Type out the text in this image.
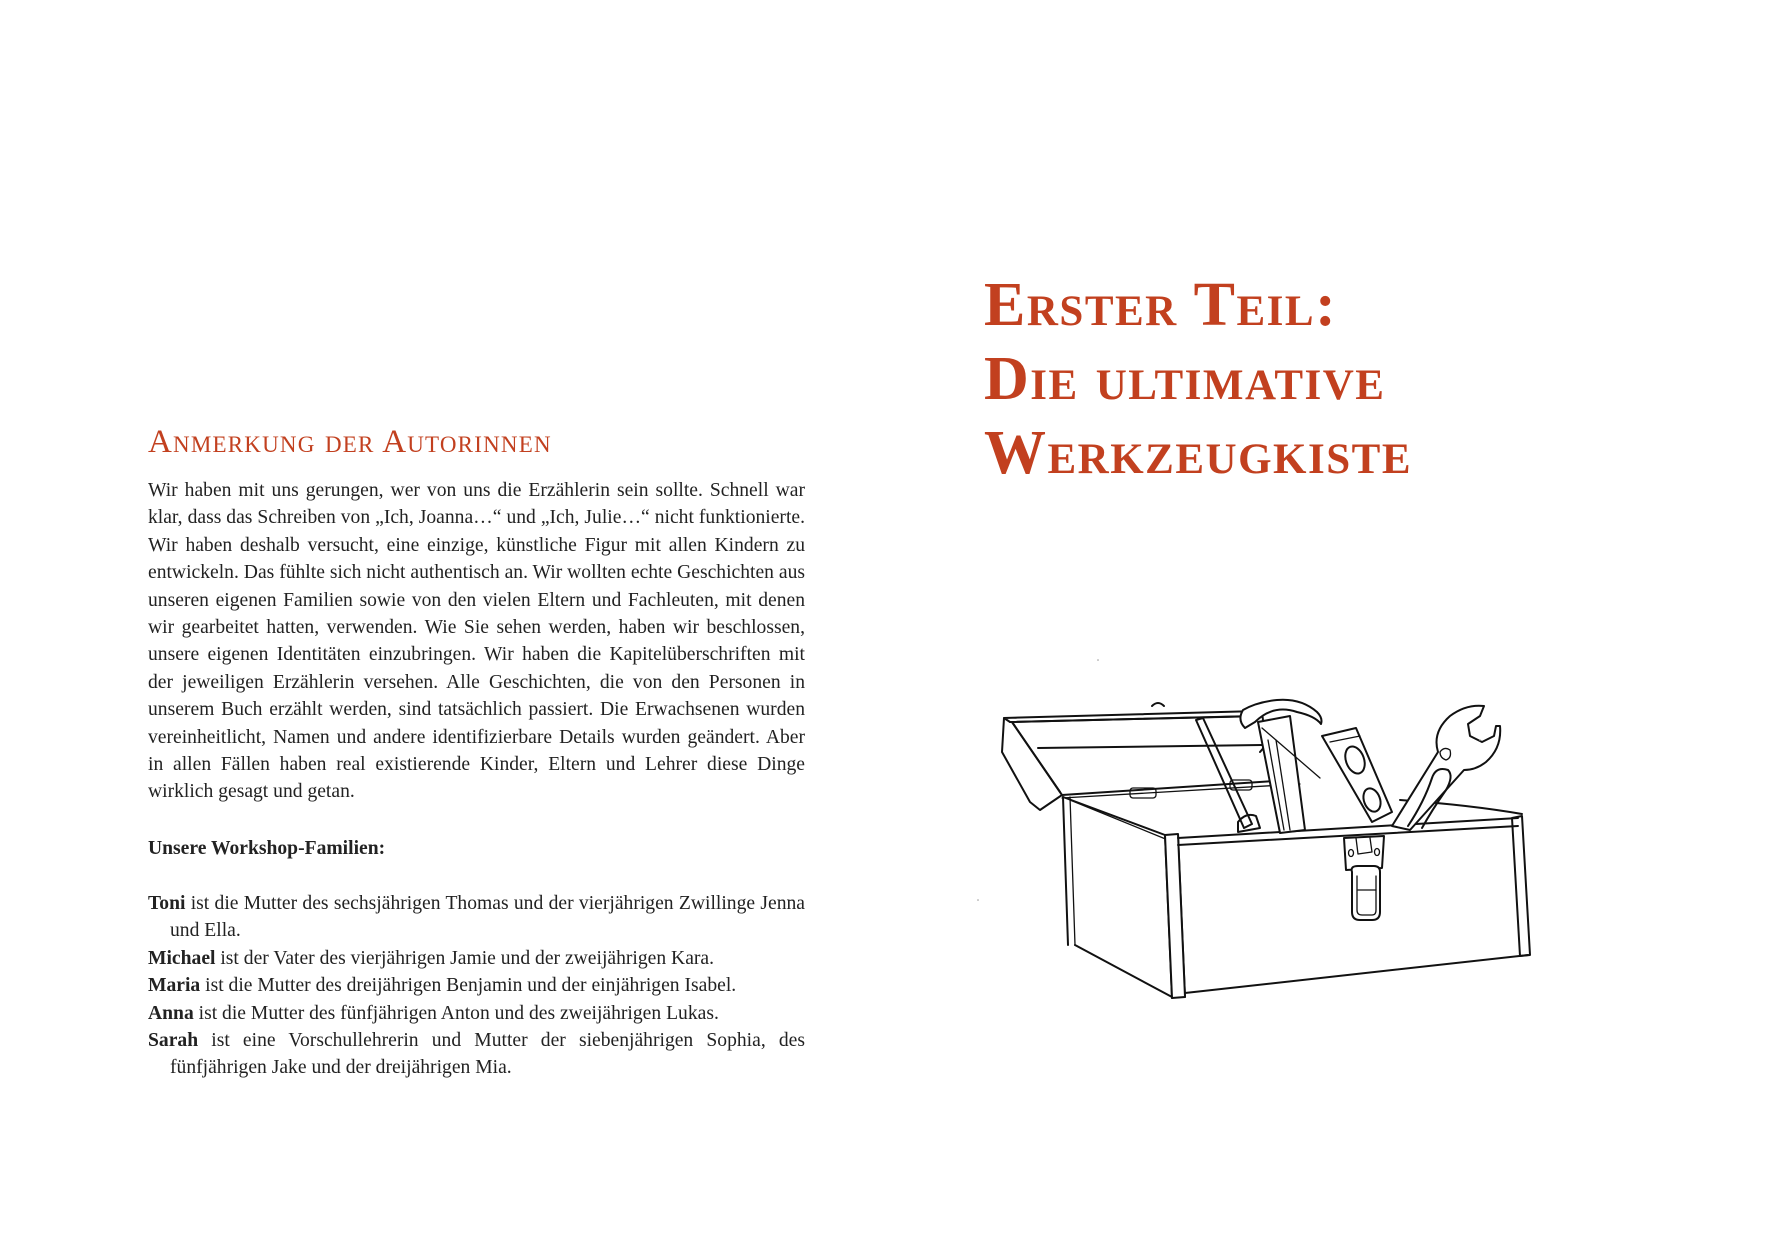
Anmerkung der Autorinnen

Wir haben mit uns gerungen, wer von uns die Erzählerin sein sollte. Schnell war klar, dass das Schreiben von „Ich, Joanna…“ und „Ich, Julie…“ nicht funktionierte. Wir haben deshalb versucht, eine einzige, künstliche Figur mit allen Kindern zu entwickeln. Das fühlte sich nicht authentisch an. Wir wollten echte Geschichten aus unseren eigenen Familien sowie von den vielen Eltern und Fachleuten, mit denen wir gearbeitet hatten, verwenden. Wie Sie sehen werden, haben wir beschlossen, unsere eigenen Identitäten einzubringen. Wir haben die Kapitelüberschriften mit der jeweiligen Erzählerin versehen. Alle Geschichten, die von den Personen in unserem Buch erzählt werden, sind tatsächlich passiert. Die Erwachsenen wurden vereinheitlicht, Namen und andere identifizierbare Details wurden geändert. Aber in allen Fällen haben real existierende Kinder, Eltern und Lehrer diese Dinge wirklich gesagt und getan.

Unsere Workshop-Familien:

Toni ist die Mutter des sechsjährigen Thomas und der vierjährigen Zwillinge Jenna und Ella.
Michael ist der Vater des vierjährigen Jamie und der zweijährigen Kara.
Maria ist die Mutter des dreijährigen Benjamin und der einjährigen Isabel.
Anna ist die Mutter des fünfjährigen Anton und des zweijährigen Lukas.
Sarah ist eine Vorschullehrerin und Mutter der siebenjährigen Sophia, des fünfjährigen Jake und der dreijährigen Mia.
Erster Teil:
Die ultimative
Werkzeugkiste
